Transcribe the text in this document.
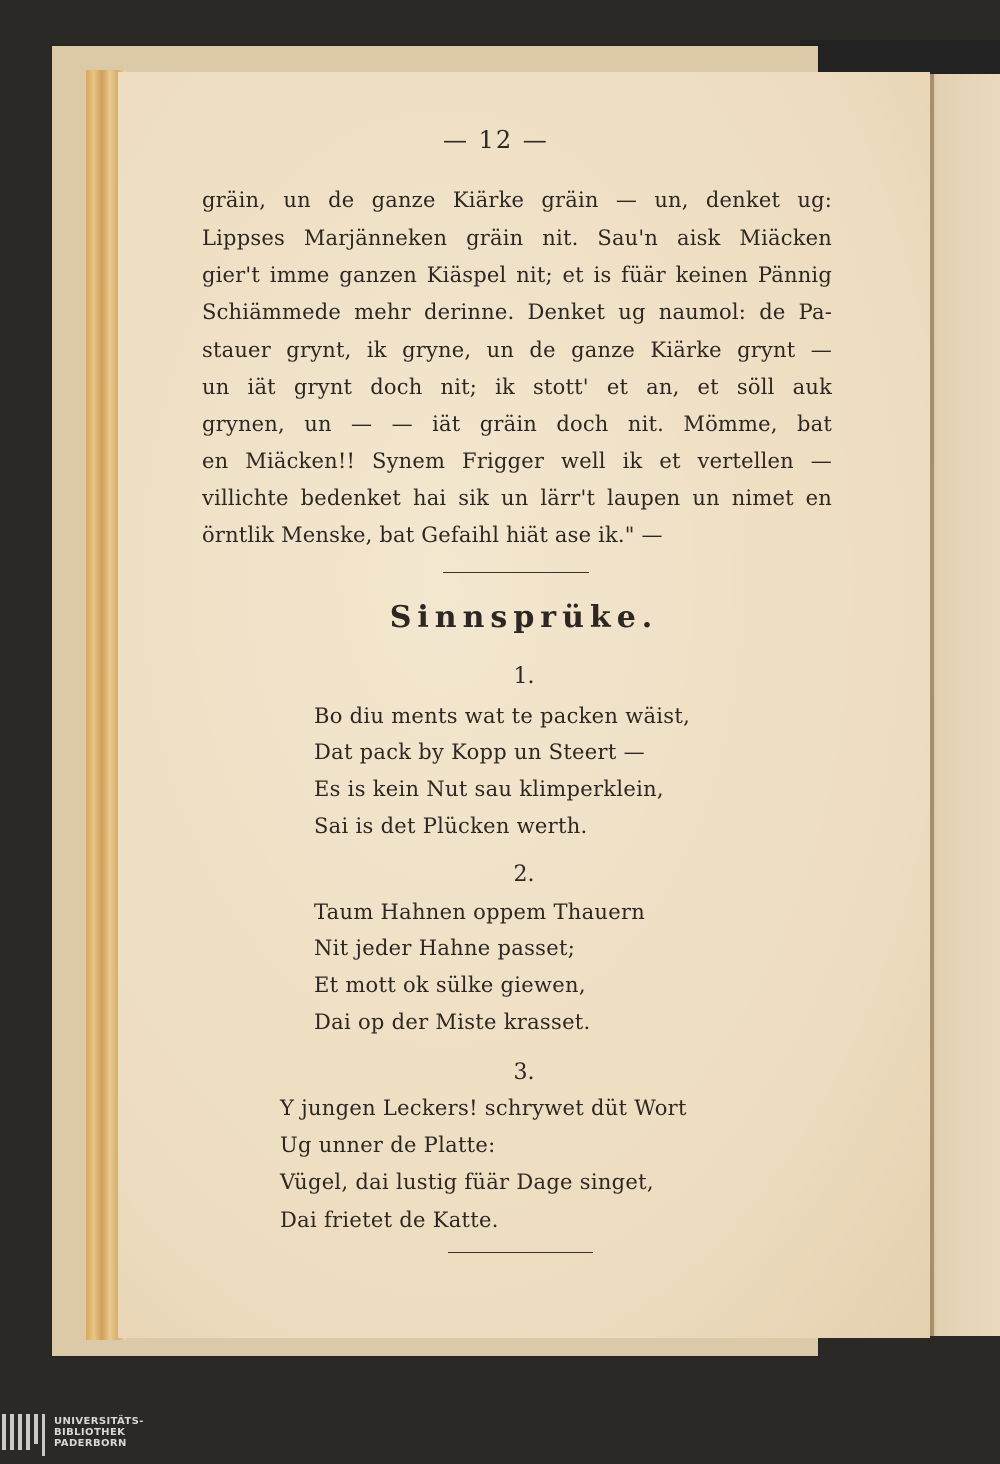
— 12 —
gräin, un de ganze Kiärke gräin — un, denket ug:
Lippses Marjänneken gräin nit. Sau'n aisk Miäcken
gier't imme ganzen Kiäspel nit; et is füär keinen Pännig
Schiämmede mehr derinne. Denket ug naumol: de Pa-
stauer grynt, ik gryne, un de ganze Kiärke grynt —
un iät grynt doch nit; ik stott' et an, et söll auk
grynen, un — — iät gräin doch nit. Mömme, bat
en Miäcken!! Synem Frigger well ik et vertellen —
villichte bedenket hai sik un lärr't laupen un nimet en
örntlik Menske, bat Gefaihl hiät ase ik." —
Sinnsprüke.
1.
Bo diu ments wat te packen wäist,
Dat pack by Kopp un Steert —
Es is kein Nut sau klimperklein,
Sai is det Plücken werth.
2.
Taum Hahnen oppem Thauern
Nit jeder Hahne passet;
Et mott ok sülke giewen,
Dai op der Miste krasset.
3.
Y jungen Leckers! schrywet düt Wort
Ug unner de Platte:
Vügel, dai lustig füär Dage singet,
Dai frietet de Katte.
UNIVERSITÄTS-
BIBLIOTHEK
PADERBORN
